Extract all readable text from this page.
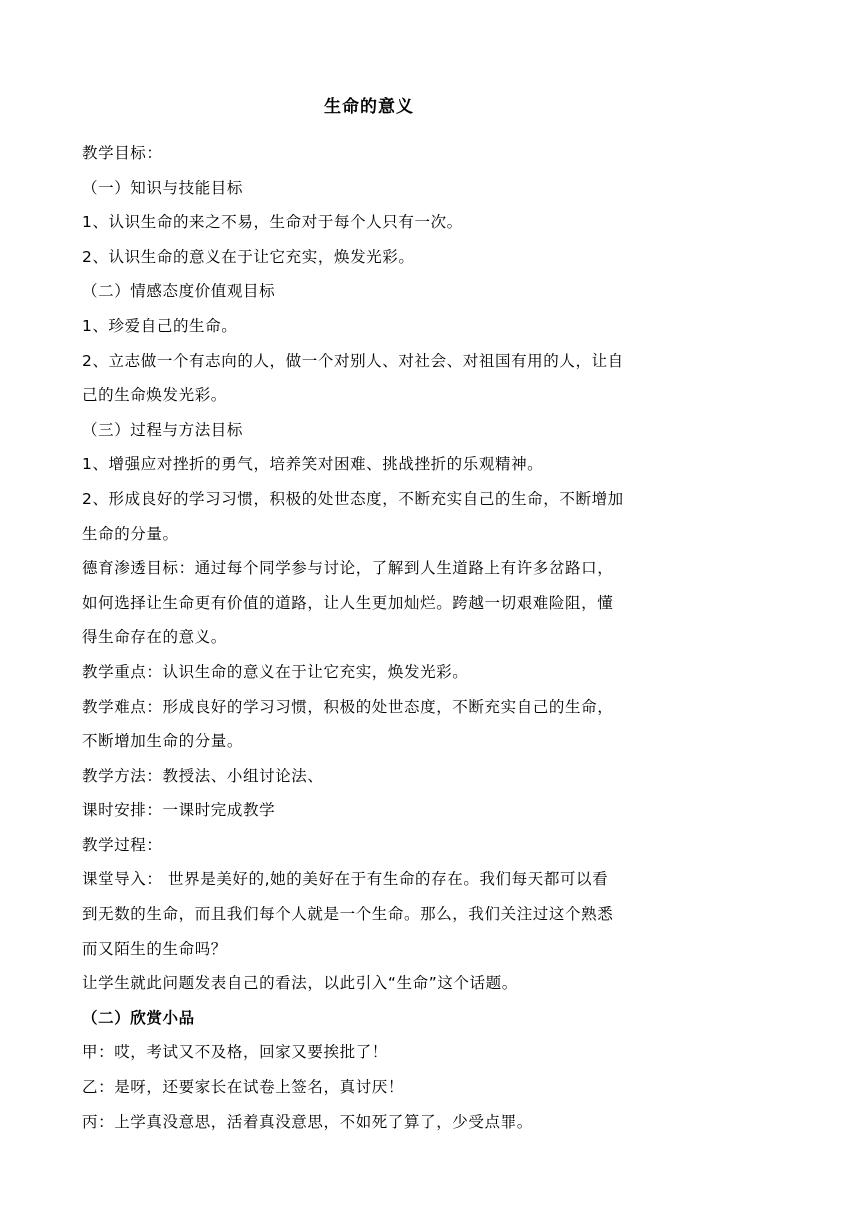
生命的意义
教学目标：
（一）知识与技能目标
1、认识生命的来之不易，生命对于每个人只有一次。
2、认识生命的意义在于让它充实，焕发光彩。
（二）情感态度价值观目标
1、珍爱自己的生命。
2、立志做一个有志向的人，做一个对别人、对社会、对祖国有用的人，让自
己的生命焕发光彩。
（三）过程与方法目标
1、增强应对挫折的勇气，培养笑对困难、挑战挫折的乐观精神。
2、形成良好的学习习惯，积极的处世态度，不断充实自己的生命，不断增加
生命的分量。
德育渗透目标：通过每个同学参与讨论，了解到人生道路上有许多岔路口，
如何选择让生命更有价值的道路，让人生更加灿烂。跨越一切艰难险阻，懂
得生命存在的意义。
教学重点：认识生命的意义在于让它充实，焕发光彩。
教学难点：形成良好的学习习惯，积极的处世态度，不断充实自己的生命，
不断增加生命的分量。
教学方法：教授法、小组讨论法、
课时安排：一课时完成教学
教学过程：
课堂导入： 世界是美好的,她的美好在于有生命的存在。我们每天都可以看
到无数的生命，而且我们每个人就是一个生命。那么，我们关注过这个熟悉
而又陌生的生命吗？
让学生就此问题发表自己的看法，以此引入“生命”这个话题。
（二）欣赏小品
甲：哎，考试又不及格，回家又要挨批了！
乙：是呀，还要家长在试卷上签名，真讨厌！
丙：上学真没意思，活着真没意思，不如死了算了，少受点罪。
